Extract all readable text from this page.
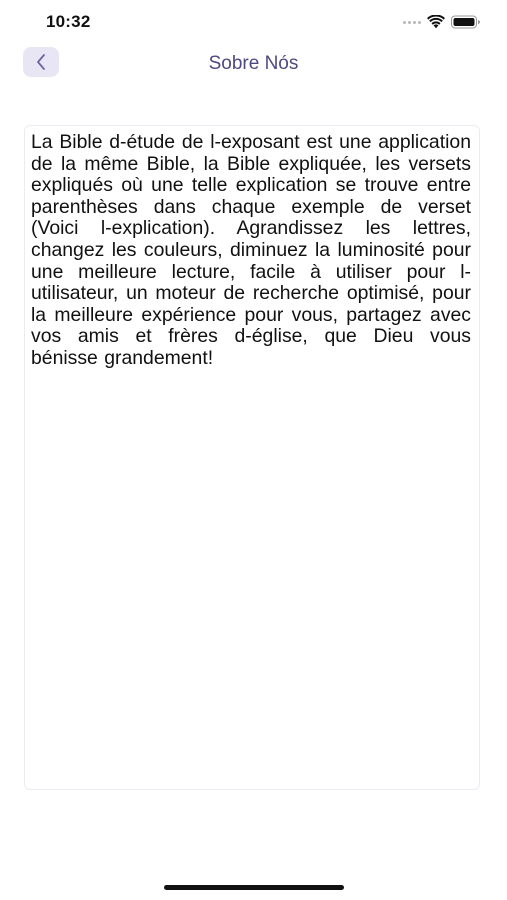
10:32
Sobre Nós

La Bible d-étude de l-exposant est une application de la même Bible, la Bible expliquée, les versets expliqués où une telle explication se trouve entre parenthèses dans chaque exemple de verset (Voici l-explication). Agrandissez les lettres, changez les couleurs, diminuez la luminosité pour une meilleure lecture, facile à utiliser pour l-utilisateur, un moteur de recherche optimisé, pour la meilleure expérience pour vous, partagez avec vos amis et frères d-église, que Dieu vous bénisse grandement!
